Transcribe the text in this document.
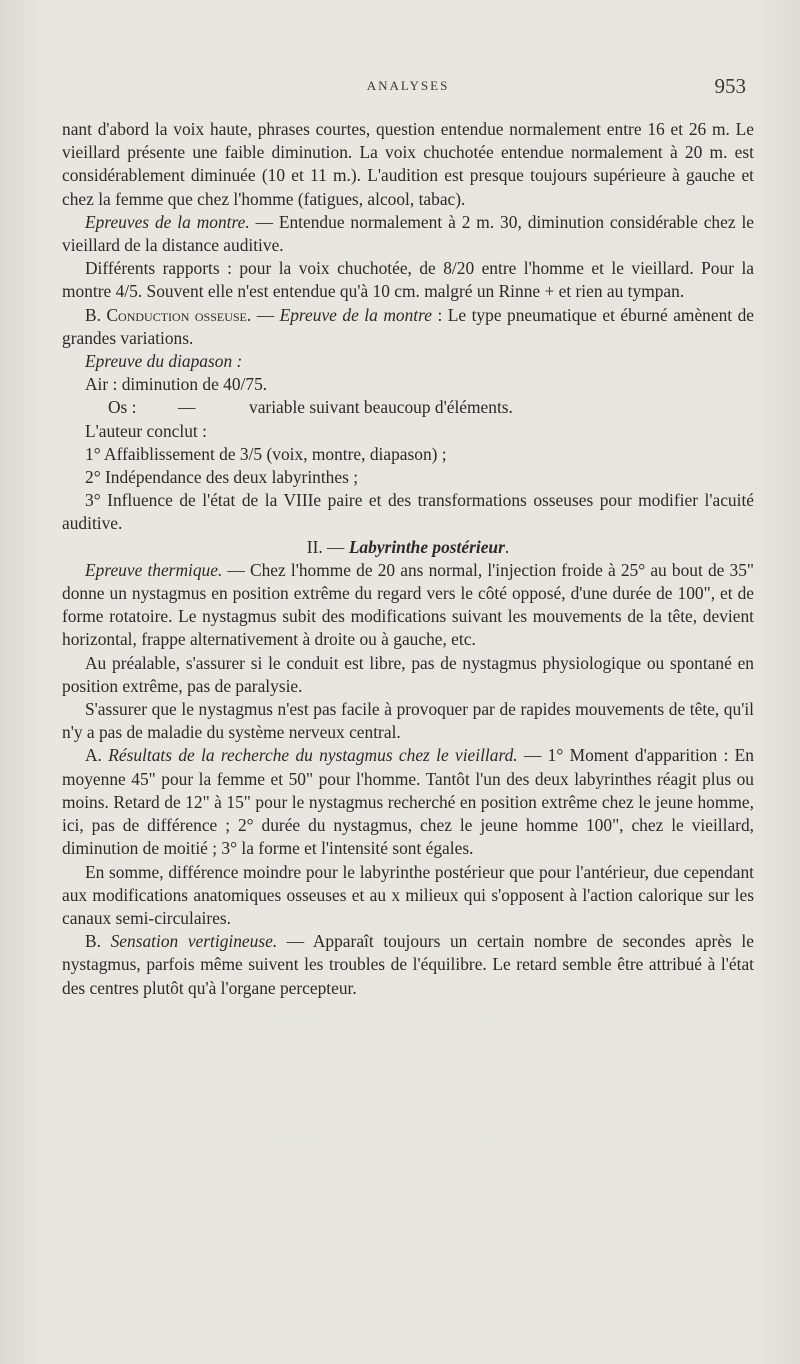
ANALYSES	953

nant d'abord la voix haute, phrases courtes, question entendue normalement entre 16 et 26 m. Le vieillard présente une faible diminution. La voix chuchotée entendue normalement à 20 m. est considérablement diminuée (10 et 11 m.). L'audition est presque toujours supérieure à gauche et chez la femme que chez l'homme (fatigues, alcool, tabac).

Epreuves de la montre. — Entendue normalement à 2 m. 30, diminution considérable chez le vieillard de la distance auditive.

Différents rapports : pour la voix chuchotée, de 8/20 entre l'homme et le vieillard. Pour la montre 4/5. Souvent elle n'est entendue qu'à 10 cm. malgré un Rinne + et rien au tympan.

B. Conduction osseuse. — Epreuve de la montre : Le type pneumatique et éburné amènent de grandes variations.

Epreuve du diapason :

Air : diminution de 40/75.

Os : —	variable suivant beaucoup d'éléments.

L'auteur conclut :

1° Affaiblissement de 3/5 (voix, montre, diapason) ;

2° Indépendance des deux labyrinthes ;

3° Influence de l'état de la VIIIe paire et des transformations osseuses pour modifier l'acuité auditive.

II. — Labyrinthe postérieur.

Epreuve thermique. — Chez l'homme de 20 ans normal, l'injection froide à 25° au bout de 35" donne un nystagmus en position extrême du regard vers le côté opposé, d'une durée de 100", et de forme rotatoire. Le nystagmus subit des modifications suivant les mouvements de la tête, devient horizontal, frappe alternativement à droite ou à gauche, etc.

Au préalable, s'assurer si le conduit est libre, pas de nystagmus physiologique ou spontané en position extrême, pas de paralysie.

S'assurer que le nystagmus n'est pas facile à provoquer par de rapides mouvements de tête, qu'il n'y a pas de maladie du système nerveux central.

A. Résultats de la recherche du nystagmus chez le vieillard. — 1° Moment d'apparition : En moyenne 45" pour la femme et 50" pour l'homme. Tantôt l'un des deux labyrinthes réagit plus ou moins. Retard de 12" à 15" pour le nystagmus recherché en position extrême chez le jeune homme, ici, pas de différence ; 2° durée du nystagmus, chez le jeune homme 100", chez le vieillard, diminution de moitié ; 3° la forme et l'intensité sont égales.

En somme, différence moindre pour le labyrinthe postérieur que pour l'antérieur, due cependant aux modifications anatomiques osseuses et au x milieux qui s'opposent à l'action calorique sur les canaux semi-circulaires.

B. Sensation vertigineuse. — Apparaît toujours un certain nombre de secondes après le nystagmus, parfois même suivent les troubles de l'équilibre. Le retard semble être attribué à l'état des centres plutôt qu'à l'organe percepteur.
